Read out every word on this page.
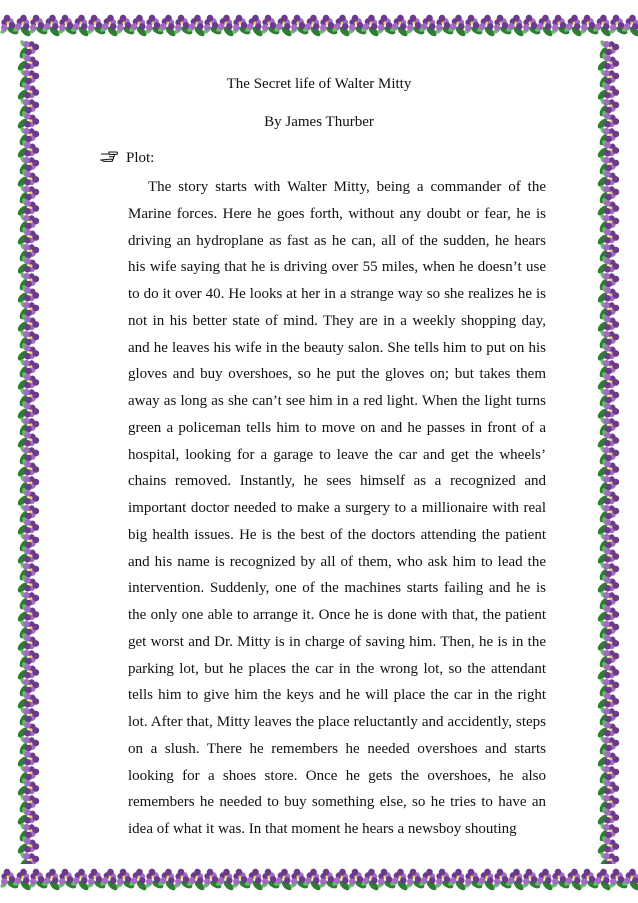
The Secret life of Walter Mitty
By James Thurber
Plot:

The story starts with Walter Mitty, being a commander of the Marine forces. Here he goes forth, without any doubt or fear, he is driving an hydroplane as fast as he can, all of the sudden, he hears his wife saying that he is driving over 55 miles, when he doesn’t use to do it over 40. He looks at her in a strange way so she realizes he is not in his better state of mind. They are in a weekly shopping day, and he leaves his wife in the beauty salon. She tells him to put on his gloves and buy overshoes, so he put the gloves on; but takes them away as long as she can’t see him in a red light. When the light turns green a policeman tells him to move on and he passes in front of a hospital, looking for a garage to leave the car and get the wheels’ chains removed. Instantly, he sees himself as a recognized and important doctor needed to make a surgery to a millionaire with real big health issues. He is the best of the doctors attending the patient and his name is recognized by all of them, who ask him to lead the intervention. Suddenly, one of the machines starts failing and he is the only one able to arrange it. Once he is done with that, the patient get worst and Dr. Mitty is in charge of saving him. Then, he is in the parking lot, but he places the car in the wrong lot, so the attendant tells him to give him the keys and he will place the car in the right lot. After that, Mitty leaves the place reluctantly and accidently, steps on a slush. There he remembers he needed overshoes and starts looking for a shoes store. Once he gets the overshoes, he also remembers he needed to buy something else, so he tries to have an idea of what it was. In that moment he hears a newsboy shouting
